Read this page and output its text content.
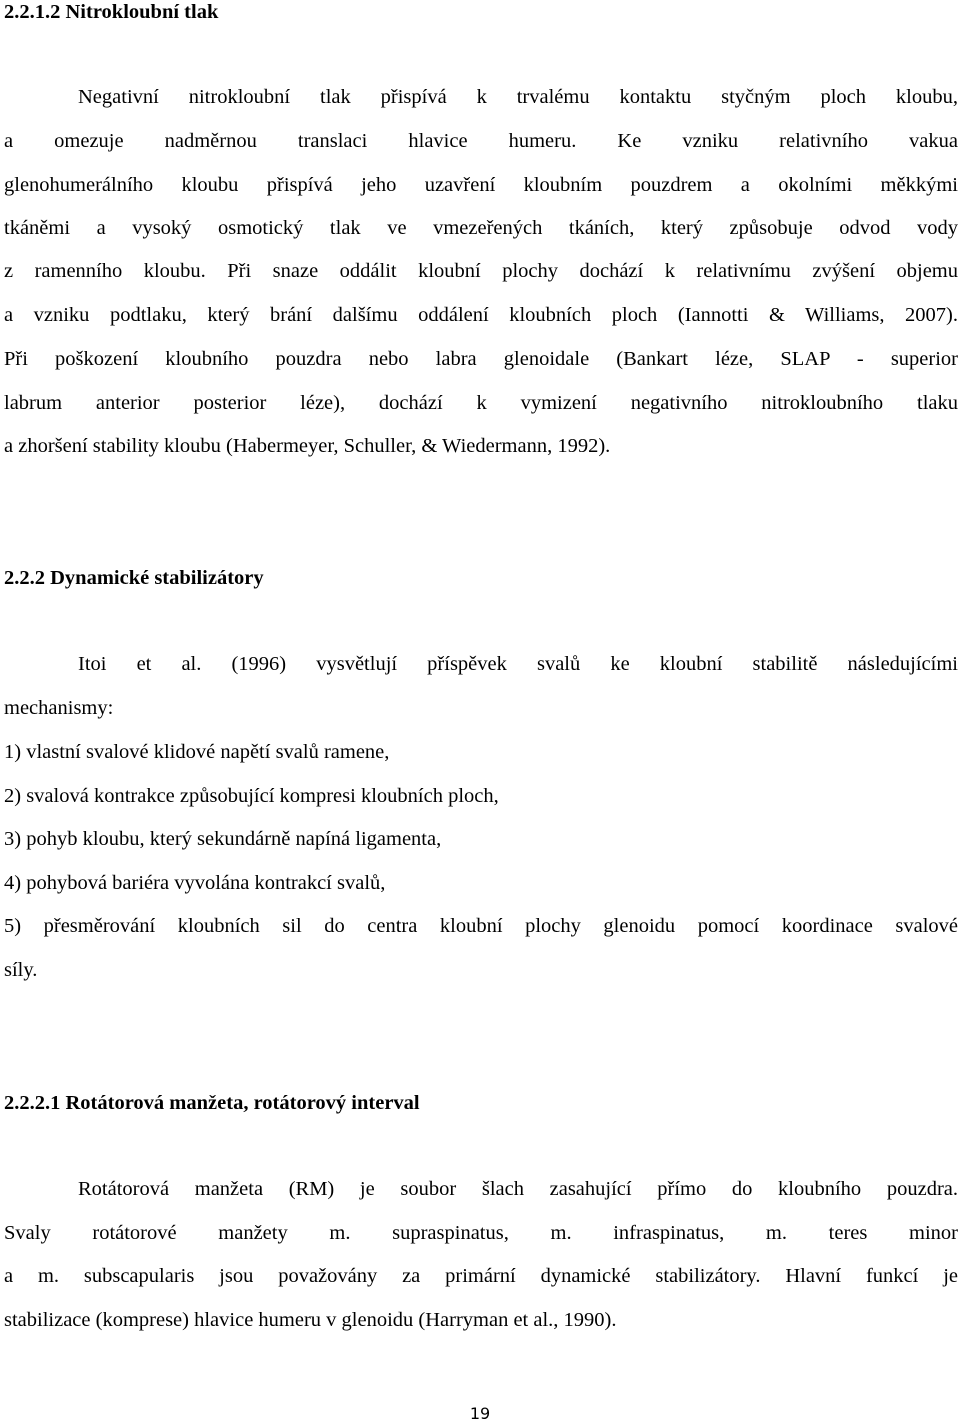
2.2.1.2 Nitrokloubní tlak

Negativní nitrokloubní tlak přispívá k trvalému kontaktu styčným ploch kloubu,

a omezuje nadměrnou translaci hlavice humeru. Ke vzniku relativního vakua

glenohumerálního kloubu přispívá jeho uzavření kloubním pouzdrem a okolními měkkými

tkáněmi a vysoký osmotický tlak ve vmezeřených tkáních, který způsobuje odvod vody

z ramenního kloubu. Při snaze oddálit kloubní plochy dochází k relativnímu zvýšení objemu

a vzniku podtlaku, který brání dalšímu oddálení kloubních ploch (Iannotti & Williams, 2007).

Při poškození kloubního pouzdra nebo labra glenoidale (Bankart léze, SLAP - superior

labrum anterior posterior léze), dochází k vymizení negativního nitrokloubního tlaku

a zhoršení stability kloubu (Habermeyer, Schuller, & Wiedermann, 1992).

2.2.2 Dynamické stabilizátory

Itoi et al. (1996) vysvětlují příspěvek svalů ke kloubní stabilitě následujícími

mechanismy:

1) vlastní svalové klidové napětí svalů ramene,

2) svalová kontrakce způsobující kompresi kloubních ploch,

3) pohyb kloubu, který sekundárně napíná ligamenta,

4) pohybová bariéra vyvolána kontrakcí svalů,

5) přesměrování kloubních sil do centra kloubní plochy glenoidu pomocí koordinace svalové

síly.

2.2.2.1 Rotátorová manžeta, rotátorový interval

Rotátorová manžeta (RM) je soubor šlach zasahující přímo do kloubního pouzdra.

Svaly rotátorové manžety m. supraspinatus, m. infraspinatus, m. teres minor

a m. subscapularis jsou považovány za primární dynamické stabilizátory. Hlavní funkcí je

stabilizace (komprese) hlavice humeru v glenoidu (Harryman et al., 1990).

19
